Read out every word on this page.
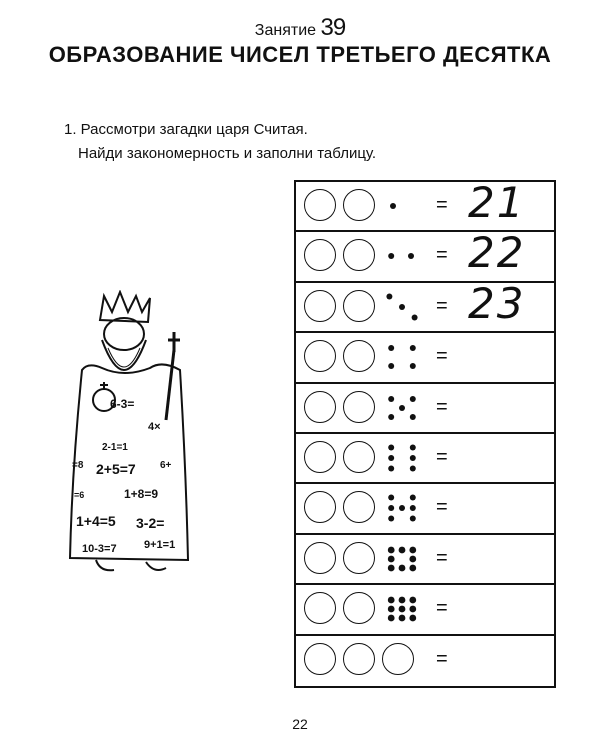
Занятие 39
ОБРАЗОВАНИЕ ЧИСЕЛ ТРЕТЬЕГО ДЕСЯТКА
1. Рассмотри загадки царя Считая.
Найди закономерность и заполни таблицу.
= 21
= 22
= 23
=
=
=
=
=
=
=
6-3=
4×
2-1=1
2+5=7
=8	6+
1+8=9
=6
1+4=5 3-2=
10-3=7 9+1=1
22
